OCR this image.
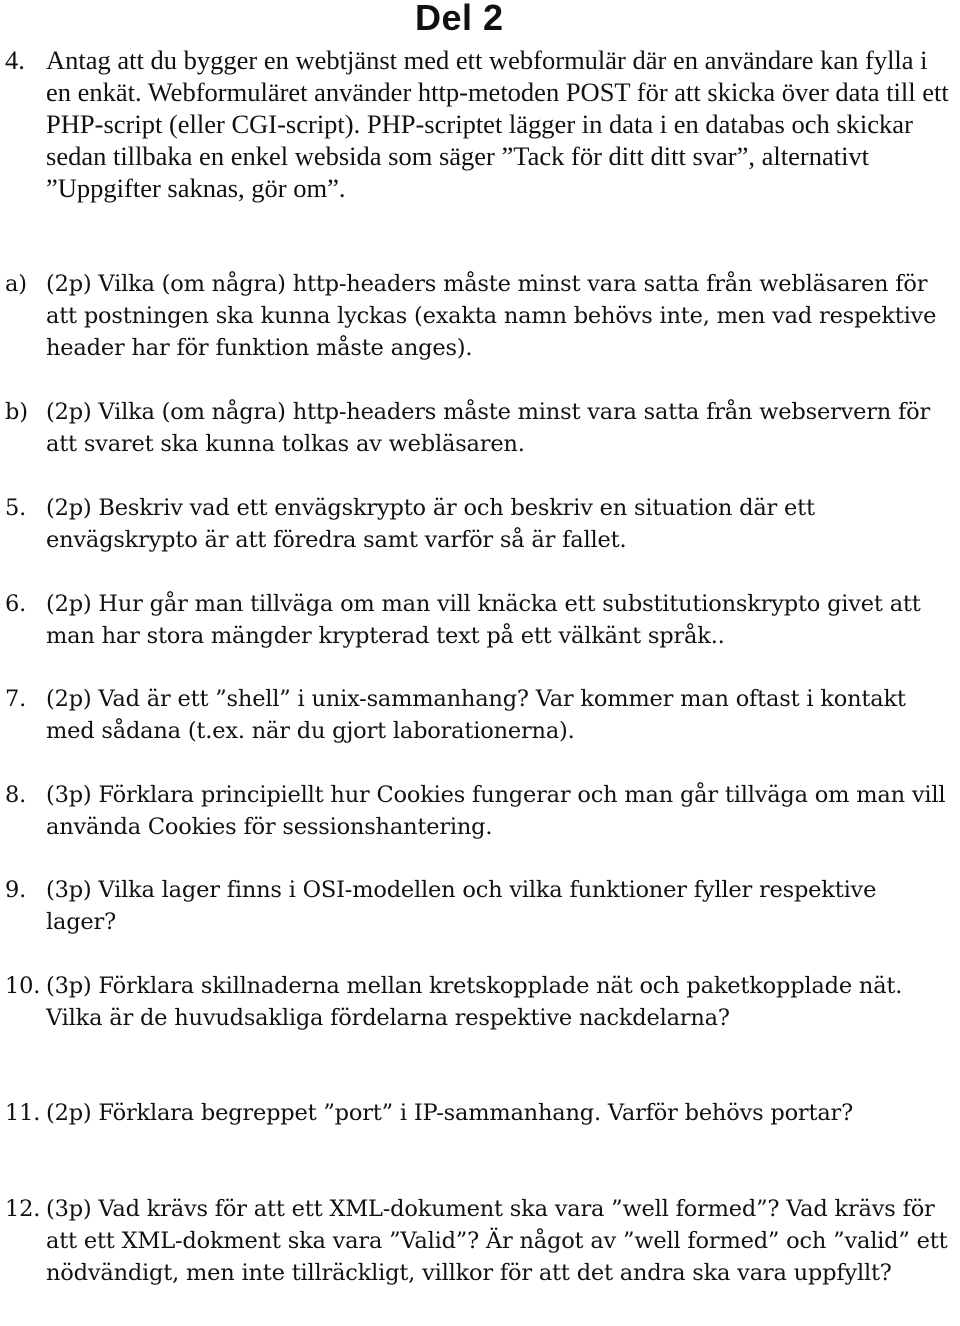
Del 2
4. Antag att du bygger en webtjänst med ett webformulär där en användare kan fylla i en enkät. Webformuläret använder http-metoden POST för att skicka över data till ett PHP-script (eller CGI-script). PHP-scriptet lägger in data i en databas och skickar sedan tillbaka en enkel websida som säger ”Tack för ditt ditt svar”, alternativt ”Uppgifter saknas, gör om”.
a) (2p) Vilka (om några) http-headers måste minst vara satta från webläsaren för att postningen ska kunna lyckas (exakta namn behövs inte, men vad respektive header har för funktion måste anges).
b) (2p) Vilka (om några) http-headers måste minst vara satta från webservern för att svaret ska kunna tolkas av webläsaren.
5. (2p) Beskriv vad ett envägskrypto är och beskriv en situation där ett envägskrypto är att föredra samt varför så är fallet.
6. (2p) Hur går man tillväga om man vill knäcka ett substitutionskrypto givet att man har stora mängder krypterad text på ett välkänt språk..
7. (2p) Vad är ett ”shell” i unix-sammanhang? Var kommer man oftast i kontakt med sådana (t.ex. när du gjort laborationerna).
8. (3p) Förklara principiellt hur Cookies fungerar och man går tillväga om man vill använda Cookies för sessionshantering.
9. (3p) Vilka lager finns i OSI-modellen och vilka funktioner fyller respektive lager?
10. (3p) Förklara skillnaderna mellan kretskopplade nät och paketkopplade nät. Vilka är de huvudsakliga fördelarna respektive nackdelarna?
11. (2p) Förklara begreppet ”port” i IP-sammanhang. Varför behövs portar?
12. (3p) Vad krävs för att ett XML-dokument ska vara ”well formed”? Vad krävs för att ett XML-dokment ska vara ”Valid”? Är något av ”well formed” och ”valid” ett nödvändigt, men inte tillräckligt, villkor för att det andra ska vara uppfyllt?
